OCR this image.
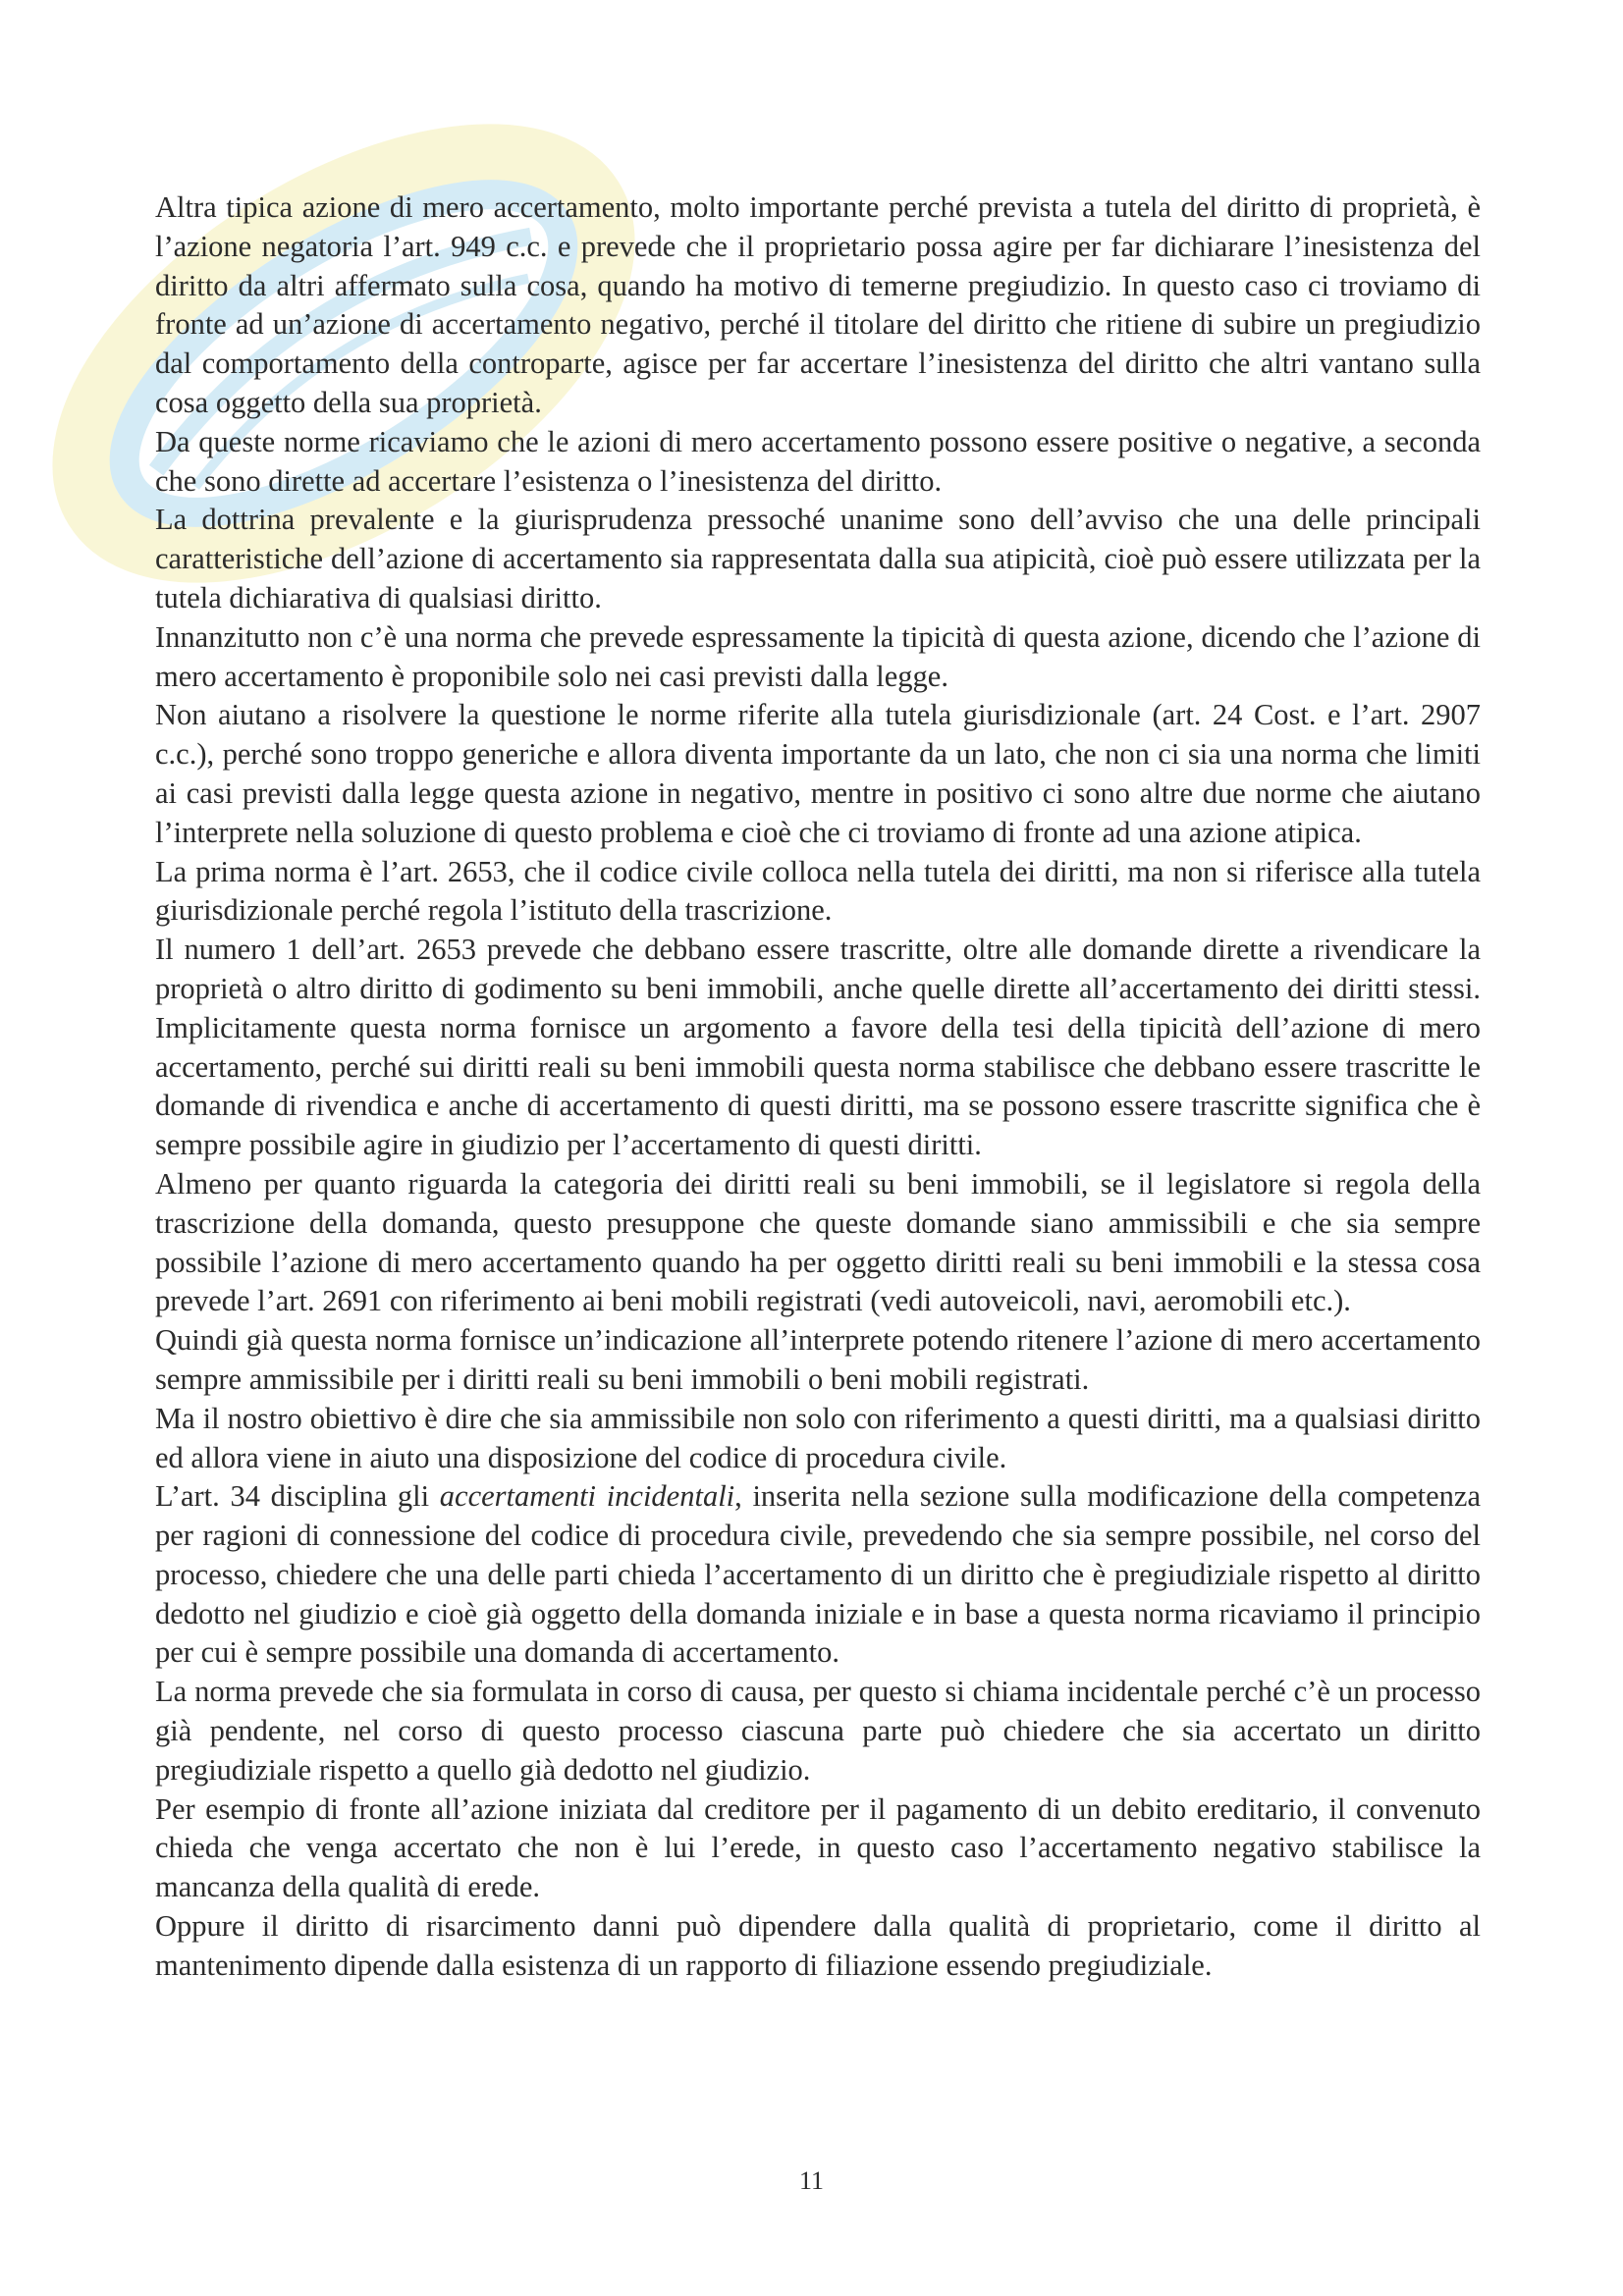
Altra tipica azione di mero accertamento, molto importante perché prevista a tutela del diritto di proprietà, è l’azione negatoria l’art. 949 c.c. e prevede che il proprietario possa agire per far dichiarare l’inesistenza del diritto da altri affermato sulla cosa, quando ha motivo di temerne pregiudizio. In questo caso ci troviamo di fronte ad un’azione di accertamento negativo, perché il titolare del diritto che ritiene di subire un pregiudizio dal comportamento della controparte, agisce per far accertare l’inesistenza del diritto che altri vantano sulla cosa oggetto della sua proprietà.

Da queste norme ricaviamo che le azioni di mero accertamento possono essere positive o negative, a seconda che sono dirette ad accertare l’esistenza o l’inesistenza del diritto.

La dottrina prevalente e la giurisprudenza pressoché unanime sono dell’avviso che una delle principali caratteristiche dell’azione di accertamento sia rappresentata dalla sua atipicità, cioè può essere utilizzata per la tutela dichiarativa di qualsiasi diritto.

Innanzitutto non c’è una norma che prevede espressamente la tipicità di questa azione, dicendo che l’azione di mero accertamento è proponibile solo nei casi previsti dalla legge.

Non aiutano a risolvere la questione le norme riferite alla tutela giurisdizionale (art. 24 Cost. e l’art. 2907 c.c.), perché sono troppo generiche e allora diventa importante da un lato, che non ci sia una norma che limiti ai casi previsti dalla legge questa azione in negativo, mentre in positivo ci sono altre due norme che aiutano l’interprete nella soluzione di questo problema e cioè che ci troviamo di fronte ad una azione atipica.

La prima norma è l’art. 2653, che il codice civile colloca nella tutela dei diritti, ma non si riferisce alla tutela giurisdizionale perché regola l’istituto della trascrizione.

Il numero 1 dell’art. 2653 prevede che debbano essere trascritte, oltre alle domande dirette a rivendicare la proprietà o altro diritto di godimento su beni immobili, anche quelle dirette all’accertamento dei diritti stessi. Implicitamente questa norma fornisce un argomento a favore della tesi della tipicità dell’azione di mero accertamento, perché sui diritti reali su beni immobili questa norma stabilisce che debbano essere trascritte le domande di rivendica e anche di accertamento di questi diritti, ma se possono essere trascritte significa che è sempre possibile agire in giudizio per l’accertamento di questi diritti.

Almeno per quanto riguarda la categoria dei diritti reali su beni immobili, se il legislatore si regola della trascrizione della domanda, questo presuppone che queste domande siano ammissibili e che sia sempre possibile l’azione di mero accertamento quando ha per oggetto diritti reali su beni immobili e la stessa cosa prevede l’art. 2691 con riferimento ai beni mobili registrati (vedi autoveicoli, navi, aeromobili etc.).

Quindi già questa norma fornisce un’indicazione all’interprete potendo ritenere l’azione di mero accertamento sempre ammissibile per i diritti reali su beni immobili o beni mobili registrati.

Ma il nostro obiettivo è dire che sia ammissibile non solo con riferimento a questi diritti, ma a qualsiasi diritto ed allora viene in aiuto una disposizione del codice di procedura civile.

L’art. 34 disciplina gli accertamenti incidentali, inserita nella sezione sulla modificazione della competenza per ragioni di connessione del codice di procedura civile, prevedendo che sia sempre possibile, nel corso del processo, chiedere che una delle parti chieda l’accertamento di un diritto che è pregiudiziale rispetto al diritto dedotto nel giudizio e cioè già oggetto della domanda iniziale e in base a questa norma ricaviamo il principio per cui è sempre possibile una domanda di accertamento.

La norma prevede che sia formulata in corso di causa, per questo si chiama incidentale perché c’è un processo già pendente, nel corso di questo processo ciascuna parte può chiedere che sia accertato un diritto pregiudiziale rispetto a quello già dedotto nel giudizio.

Per esempio di fronte all’azione iniziata dal creditore per il pagamento di un debito ereditario, il convenuto chieda che venga accertato che non è lui l’erede, in questo caso l’accertamento negativo stabilisce la mancanza della qualità di erede.

Oppure il diritto di risarcimento danni può dipendere dalla qualità di proprietario, come il diritto al mantenimento dipende dalla esistenza di un rapporto di filiazione essendo pregiudiziale.

11
